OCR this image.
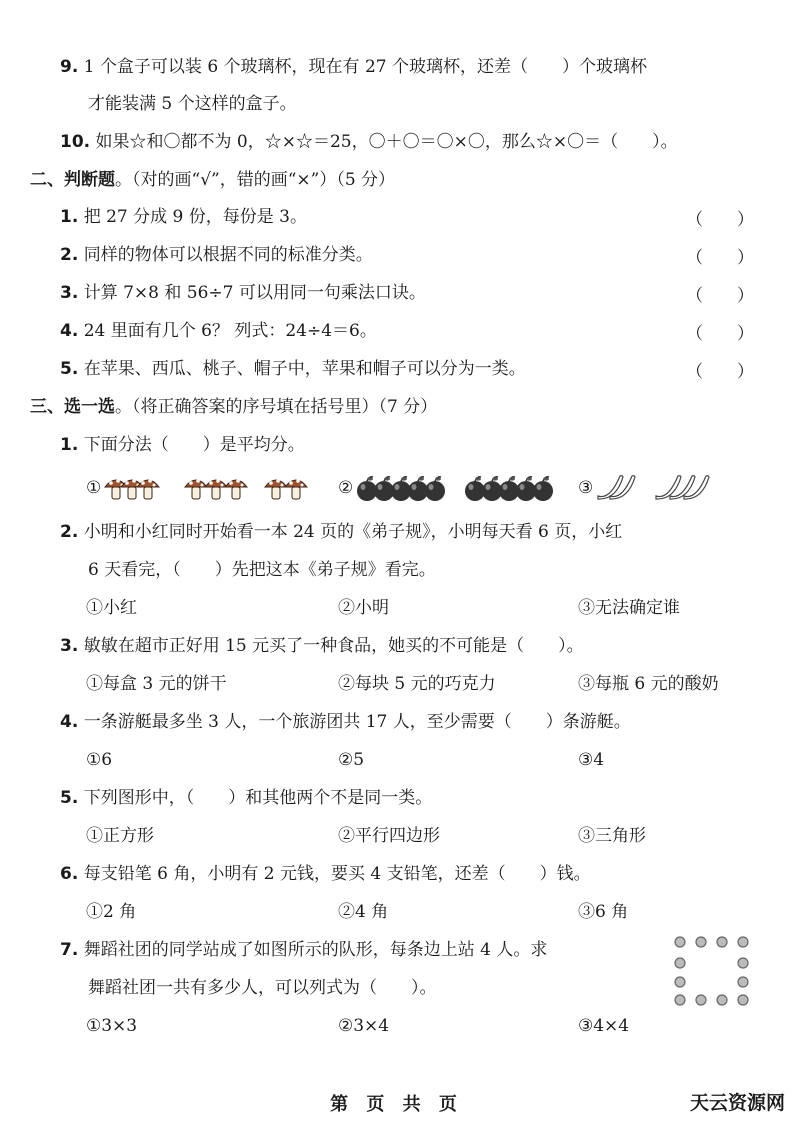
9. 1 个盒子可以装 6 个玻璃杯，现在有 27 个玻璃杯，还差（　　）个玻璃杯
才能装满 5 个这样的盒子。
10. 如果☆和〇都不为 0，☆×☆＝25，〇＋〇＝〇×〇，那么☆×〇＝（　　）。
二、判断题。（对的画“√”，错的画“×”）（5 分）
1. 把 27 分成 9 份，每份是 3。	（　　）
2. 同样的物体可以根据不同的标准分类。	（　　）
3. 计算 7×8 和 56÷7 可以用同一句乘法口诀。	（　　）
4. 24 里面有几个 6？ 列式：24÷4＝6。	（　　）
5. 在苹果、西瓜、桃子、帽子中，苹果和帽子可以分为一类。	（　　）
三、选一选。（将正确答案的序号填在括号里）（7 分）
1. 下面分法（　　）是平均分。
①	②	③
2. 小明和小红同时开始看一本 24 页的《弟子规》，小明每天看 6 页，小红
6 天看完，（　　）先把这本《弟子规》看完。
①小红	②小明	③无法确定谁
3. 敏敏在超市正好用 15 元买了一种食品，她买的不可能是（　　）。
①每盒 3 元的饼干	②每块 5 元的巧克力	③每瓶 6 元的酸奶
4. 一条游艇最多坐 3 人，一个旅游团共 17 人，至少需要（　　）条游艇。
①6	②5	③4
5. 下列图形中，（　　）和其他两个不是同一类。
①正方形	②平行四边形	③三角形
6. 每支铅笔 6 角，小明有 2 元钱，要买 4 支铅笔，还差（　　）钱。
①2 角	②4 角	③6 角
7. 舞蹈社团的同学站成了如图所示的队形，每条边上站 4 人。求
舞蹈社团一共有多少人，可以列式为（　　）。
①3×3	②3×4	③4×4
第 页 共 页	天云资源网
